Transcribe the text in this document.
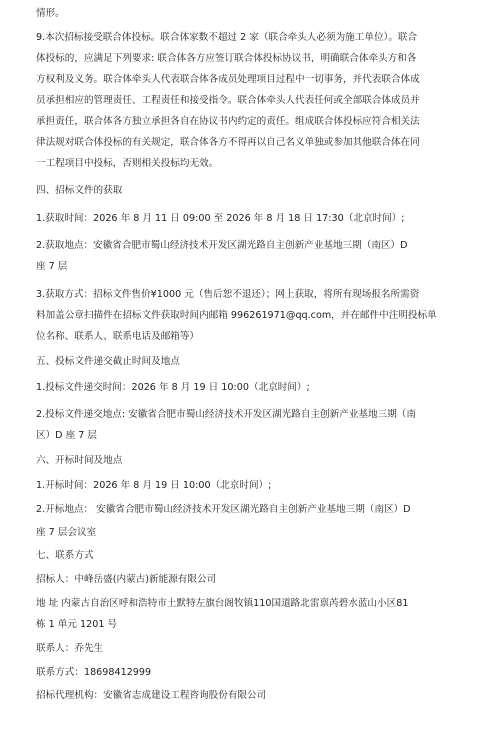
情形。
9.本次招标接受联合体投标。联合体家数不超过 2 家（联合牵头人必须为施工单位）。联合
体投标的，应满足下列要求: 联合体各方应签订联合体投标协议书，明确联合体牵头方和各
方权利及义务。联合体牵头人代表联合体各成员处理项目过程中一切事务，并代表联合体成
员承担相应的管理责任、工程责任和接受指令。联合体牵头人代表任何或全部联合体成员并
承担责任，联合体各方独立承担各自在协议书内约定的责任。组成联合体投标应符合相关法
律法规对联合体投标的有关规定，联合体各方不得再以自己名义单独或参加其他联合体在同
一工程项目中投标，否则相关投标均无效。
四、招标文件的获取
1.获取时间：2026 年 8 月 11 日 09:00 至 2026 年 8 月 18 日 17:30（北京时间）;
2.获取地点：安徽省合肥市蜀山经济技术开发区湖光路自主创新产业基地三期（南区）D
座 7 层
3.获取方式：招标文件售价¥1000 元（售后恕不退还）；网上获取，将所有现场报名所需资
料加盖公章扫描件在招标文件获取时间内邮箱 996261971@qq.com，并在邮件中注明投标单
位名称、联系人、联系电话及邮箱等）
五、投标文件递交截止时间及地点
1.投标文件递交时间：2026 年 8 月 19 日 10:00（北京时间）;
2.投标文件递交地点: 安徽省合肥市蜀山经济技术开发区湖光路自主创新产业基地三期（南
区）D 座 7 层
六、开标时间及地点
1.开标时间：2026 年 8 月 19 日 10:00（北京时间）;
2.开标地点： 安徽省合肥市蜀山经济技术开发区湖光路自主创新产业基地三期（南区）D
座 7 层会议室
七、联系方式
招标人：中峰岳盛(内蒙古)新能源有限公司
地 址 内蒙古自治区呼和浩特市土默特左旗台阁牧镇110国道路北雷禀芮碧水蓝山小区81
栋 1 单元 1201 号
联系人：乔先生
联系方式：18698412999
招标代理机构：安徽省志成建设工程咨询股份有限公司
